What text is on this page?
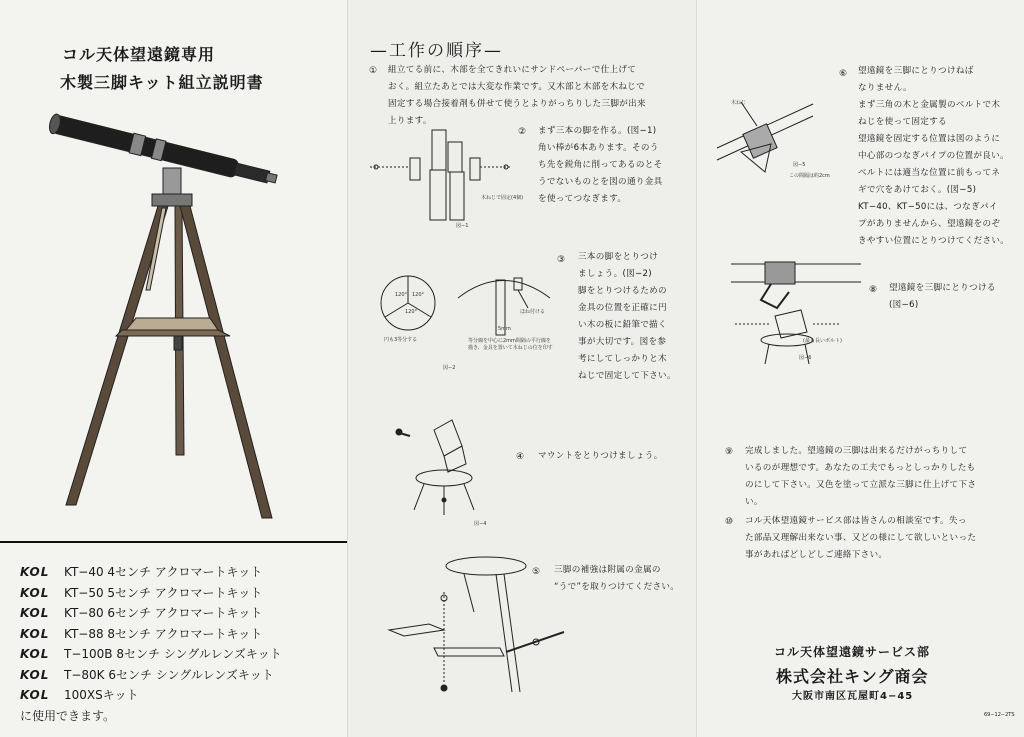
コル天体望遠鏡専用
木製三脚キット組立説明書
KOL KT−40 4センチ アクロマートキット
KOL KT−50 5センチ アクロマートキット
KOL KT−80 6センチ アクロマートキット
KOL KT−88 8センチ アクロマートキット
KOL T−100B 8センチ シングルレンズキット
KOL T−80K 6センチ シングルレンズキット
KOL 100XSキット
に使用できます。
—工作の順序—
① 組立てる前に、木部を全てきれいにサンドペーパーで仕上げて
おく。組立たあとでは大変な作業です。又木部と木部を木ねじで
固定する場合接着剤も併せて使うとよりがっちりした三脚が出来
上ります。
② まず三本の脚を作る。(図−1)
角い棒が6本あります。そのう
ち先を鋭角に削ってあるのとそ
うでないものとを図の通り金具
を使ってつなぎます。
木ねじで固定(4個)
図−1
③ 三本の脚をとりつけ
ましょう。(図−2)
脚をとりつけるための
金具の位置を正確に円
い木の板に鉛筆で描く
事が大切です。図を参
考にしてしっかりと木
ねじで固定して下さい。
120° 120°
120°
円も3等分する
ほね付ける
5mm
等分線を中心に2mm間隔の平行線を描き、金具を置いて木ねじの位を印す
図−2
図−4
④ マウントをとりつけましょう。
⑤ 三脚の補強は附属の金属の
“うで”を取りつけてください。
木ねじ
図−5
この間隔は約2cm
⑥ 望遠鏡を三脚にとりつけねば
なりません。
まず三角の木と金属製のベルトで木
ねじを使って固定する
望遠鏡を固定する位置は図のように
中心部のつなぎパイプの位置が良い。
ベルトには適当な位置に前もってネ
ギで穴をあけておく。(図−5)
KT−40、KT−50には、つなぎパイ
プがありませんから、望遠鏡をのぞ
きやすい位置にとりつけてください。
図−6
(最も長いボルト)
⑧ 望遠鏡を三脚にとりつける
(図−6)
⑨ 完成しました。望遠鏡の三脚は出来るだけがっちりして
いるのが理想です。あなたの工夫でもっとしっかりしたも
のにして下さい。又色を塗って立派な三脚に仕上げて下さ
い。
⑩ コル天体望遠鏡サービス部は皆さんの相談室です。失っ
た部品又理解出来ない事、又どの様にして欲しいといった
事があればどしどしご連絡下さい。
コル天体望遠鏡サービス部
株式会社キング商会
大阪市南区瓦屋町4−45
69−12−2TS
